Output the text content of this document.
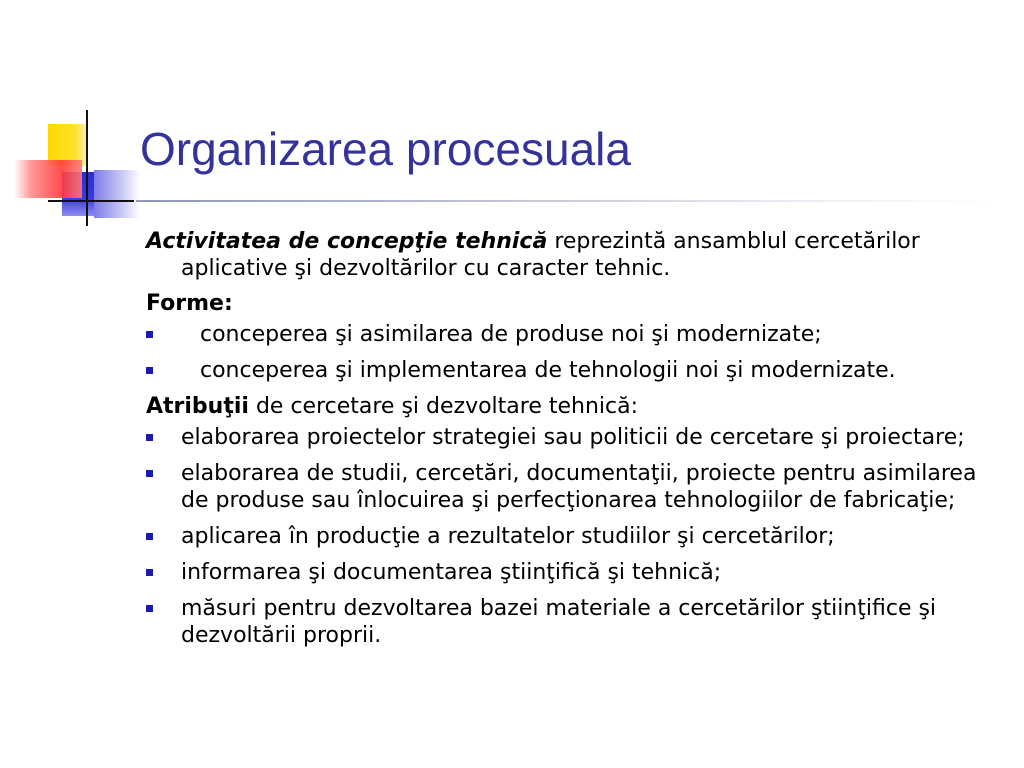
Organizarea procesuala

Activitatea de concepţie tehnică reprezintă ansamblul cercetărilor aplicative şi dezvoltărilor cu caracter tehnic.

Forme:

conceperea şi asimilarea de produse noi şi modernizate;
conceperea şi implementarea de tehnologii noi şi modernizate.

Atribuţii de cercetare şi dezvoltare tehnică:

elaborarea proiectelor strategiei sau politicii de cercetare şi proiectare;
elaborarea de studii, cercetări, documentaţii, proiecte pentru asimilarea de produse sau înlocuirea şi perfecţionarea tehnologiilor de fabricaţie;
aplicarea în producţie a rezultatelor studiilor şi cercetărilor;
informarea şi documentarea ştiinţifică şi tehnică;
măsuri pentru dezvoltarea bazei materiale a cercetărilor ştiinţifice şi dezvoltării proprii.
